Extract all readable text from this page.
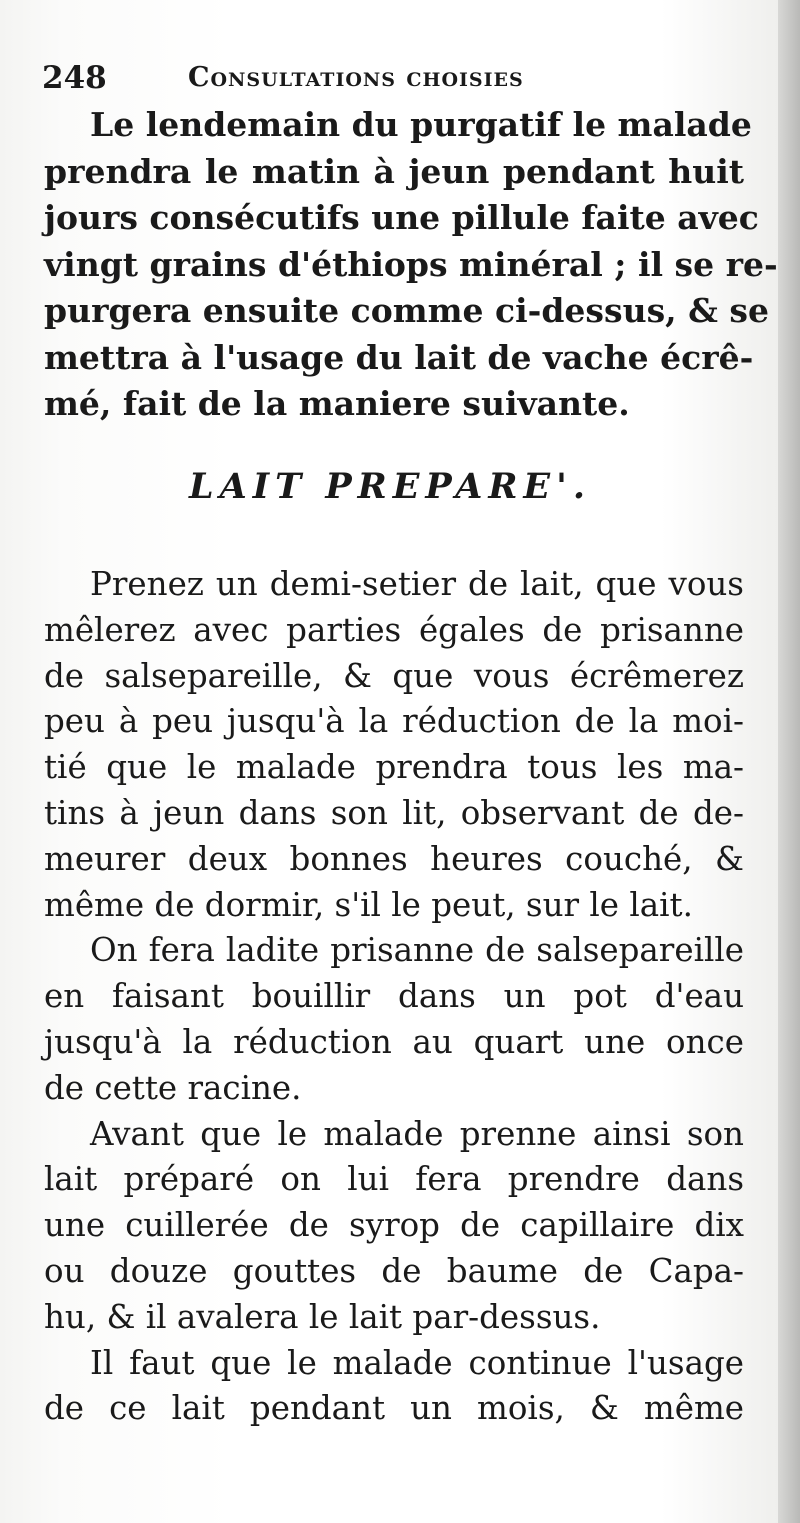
248	Consultations choisies
Le lendemain du purgatif le malade
prendra le matin à jeun pendant huit
jours consécutifs une pillule faite avec
vingt grains d'éthiops minéral ; il se re-
purgera ensuite comme ci-dessus, & se
mettra à l'usage du lait de vache écrê-
mé, fait de la maniere suivante.
LAIT PREPARE'.
Prenez un demi-setier de lait, que vous
mêlerez avec parties égales de prisanne
de salsepareille, & que vous écrêmerez
peu à peu jusqu'à la réduction de la moi-
tié que le malade prendra tous les ma-
tins à jeun dans son lit, observant de de-
meurer deux bonnes heures couché, &
même de dormir, s'il le peut, sur le lait.
On fera ladite prisanne de salsepareille
en faisant bouillir dans un pot d'eau
jusqu'à la réduction au quart une once
de cette racine.
Avant que le malade prenne ainsi son
lait préparé on lui fera prendre dans
une cuillerée de syrop de capillaire dix
ou douze gouttes de baume de Capa-
hu, & il avalera le lait par-dessus.
Il faut que le malade continue l'usage
de ce lait pendant un mois, & même
